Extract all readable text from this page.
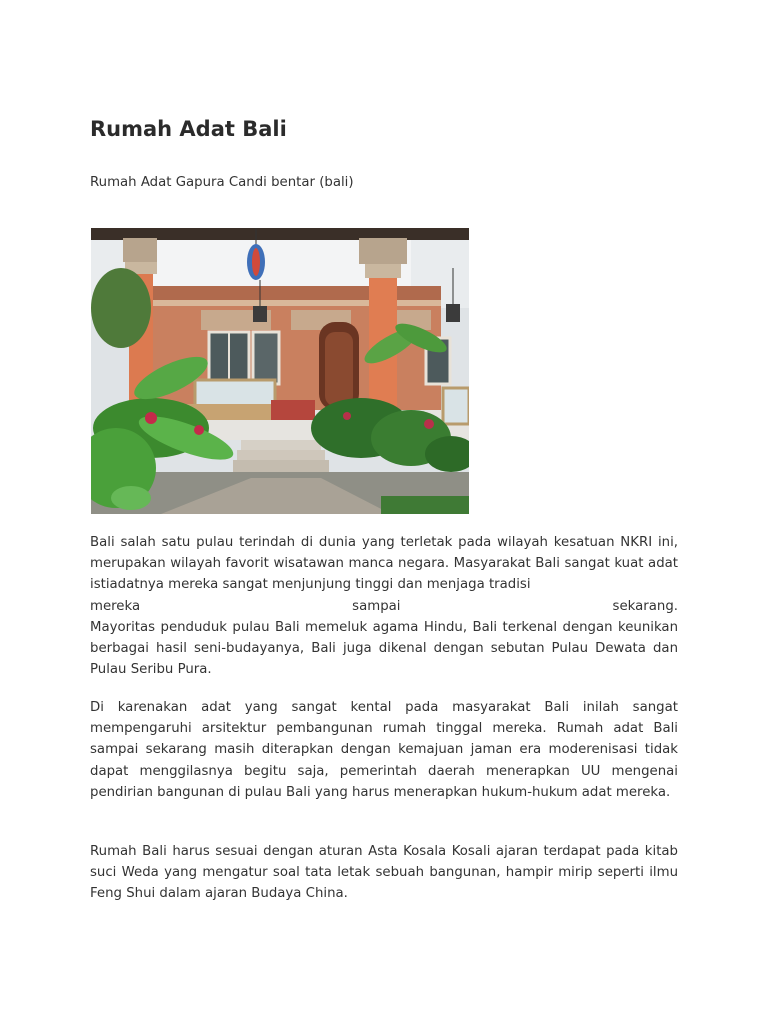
Rumah Adat Bali

Rumah Adat Gapura Candi bentar (bali)

Bali salah satu pulau terindah di dunia yang terletak pada wilayah kesatuan NKRI ini, merupakan wilayah favorit wisatawan manca negara. Masyarakat Bali sangat kuat adat istiadatnya mereka sangat menjunjung tinggi dan menjaga tradisi
mereka sampai sekarang.
Mayoritas penduduk pulau Bali memeluk agama Hindu, Bali terkenal dengan keunikan berbagai hasil seni-budayanya, Bali juga dikenal dengan sebutan Pulau Dewata dan Pulau Seribu Pura.

Di karenakan adat yang sangat kental pada masyarakat Bali inilah sangat mempengaruhi arsitektur pembangunan rumah tinggal mereka. Rumah adat Bali sampai sekarang masih diterapkan dengan kemajuan jaman era moderenisasi tidak dapat menggilasnya begitu saja, pemerintah daerah menerapkan UU mengenai pendirian bangunan di pulau Bali yang harus menerapkan hukum-hukum adat mereka.

Rumah Bali harus sesuai dengan aturan Asta Kosala Kosali ajaran terdapat pada kitab suci Weda yang mengatur soal tata letak sebuah bangunan, hampir mirip seperti ilmu Feng Shui dalam ajaran Budaya China.
